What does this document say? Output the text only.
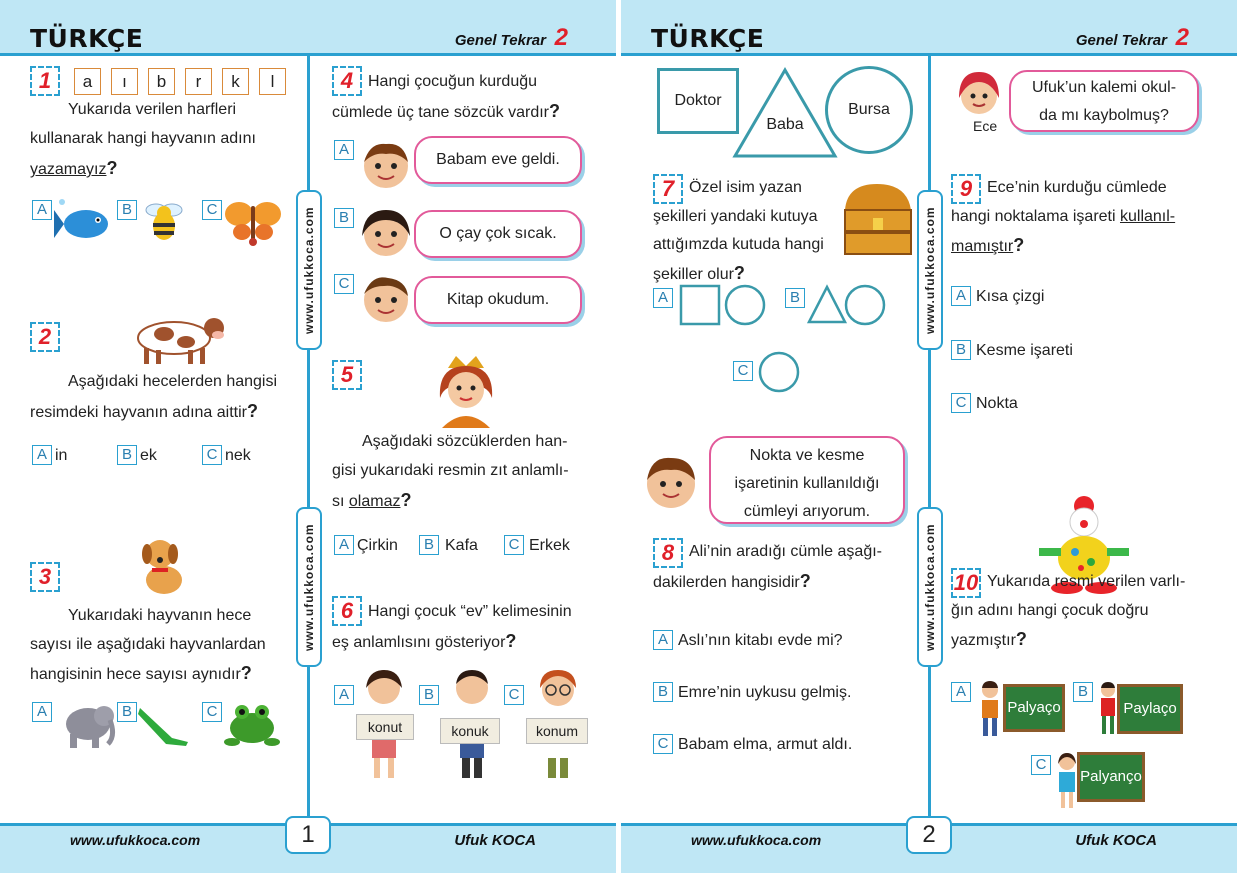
TÜRKÇE	Genel Tekrar 2
www.ufukkoca.com
www.ufukkoca.com
1	a	ı	b	r	k	l
Yukarıda verilen harfleri
kullanarak hangi hayvanın adını
yazamayız?
A	B	C
2
Aşağıdaki hecelerden hangisi
resimdeki hayvanın adına aittir?
A in	B ek	C nek
3
Yukarıdaki hayvanın hece
sayısı ile aşağıdaki hayvanlardan
hangisinin hece sayısı aynıdır?
A	B	C
4 Hangi çocuğun kurduğu
cümlede üç tane sözcük vardır?
A
Babam eve geldi.
B
O çay çok sıcak.
C
Kitap okudum.
5
Aşağıdaki sözcüklerden han-
gisi yukarıdaki resmin zıt anlamlı-
sı olamaz?
A Çirkin	B Kafa	C Erkek
6 Hangi çocuk “ev” kelimesinin
eş anlamlısını gösteriyor?
A
konut
B
konuk
C
konum
www.ufukkoca.com	1	Ufuk KOCA
TÜRKÇE	Genel Tekrar 2
www.ufukkoca.com
www.ufukkoca.com
Doktor
Baba
Bursa
7 Özel isim yazan
şekilleri yandaki kutuya
attığımzda kutuda hangi
şekiller olur?
A	B
C
Nokta ve kesme
işaretinin kullanıldığı
cümleyi arıyorum.
8 Ali’nin aradığı cümle aşağı-
dakilerden hangisidir?
A Aslı’nın kitabı evde mi?
B Emre’nin uykusu gelmiş.
C Babam elma, armut aldı.
Ece
Ufuk’un kalemi okul-
da mı kaybolmuş?
9 Ece’nin kurduğu cümlede
hangi noktalama işareti kullanıl-
mamıştır?
A Kısa çizgi
B Kesme işareti
C Nokta
10 Yukarıda resmi verilen varlı-
ğın adını hangi çocuk doğru
yazmıştır?
A
Palyaço
B
Paylaço
C
Palyanço
www.ufukkoca.com	2	Ufuk KOCA
